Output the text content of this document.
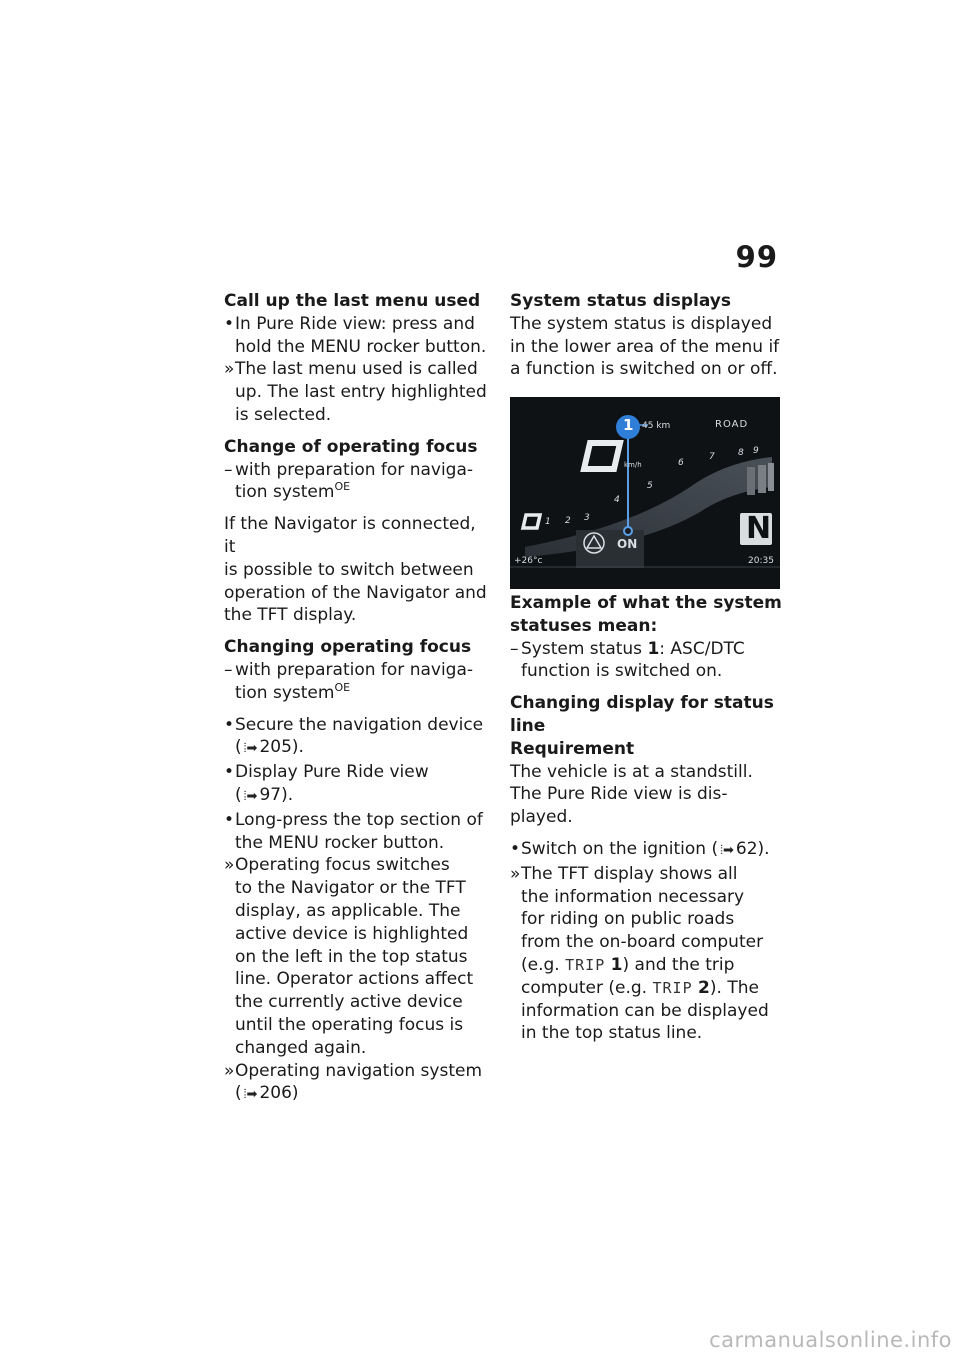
99

Call up the last menu used

• In Pure Ride view: press and
hold the MENU rocker button.

» The last menu used is called
up. The last entry highlighted
is selected.

Change of operating focus

– with preparation for naviga-
tion system$^{OE}$

If the Navigator is connected, it
is possible to switch between
operation of the Navigator and
the TFT display.

Changing operating focus

– with preparation for naviga-
tion system$^{OE}$

• Secure the navigation device
( ⦙➡ 205).

• Display Pure Ride view
( ⦙➡ 97).

• Long-press the top section of
the MENU rocker button.

» Operating focus switches
to the Navigator or the TFT
display, as applicable. The
active device is highlighted
on the left in the top status
line. Operator actions affect
the currently active device
until the operating focus is
changed again.

» Operating navigation system
( ⦙➡ 206)

System status displays

The system status is displayed
in the lower area of the menu if
a function is switched on or off.

1 45 km	ROAD
km/h
1 2 3
4
5
6
7	8 9
N
ON
+26°c	20:35

Example of what the system
statuses mean:

– System status 1: ASC/DTC
function is switched on.

Changing display for status
line

Requirement

The vehicle is at a standstill.
The Pure Ride view is dis-
played.

• Switch on the ignition ( ⦙➡ 62).

» The TFT display shows all
the information necessary
for riding on public roads
from the on-board computer
(e.g. TRIP 1) and the trip
computer (e.g. TRIP 2). The
information can be displayed
in the top status line.

carmanualsonline.info
